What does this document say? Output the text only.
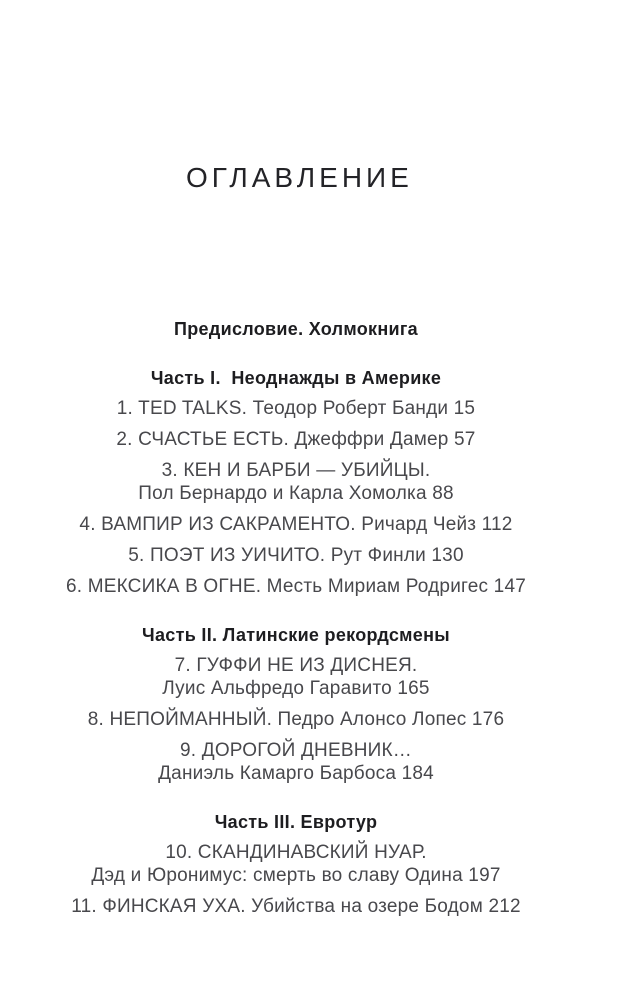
ОГЛАВЛЕНИЕ
Предисловие. Холмокнига
Часть I.  Неоднажды в Америке
1. TED TALKS. Теодор Роберт Банди 15
2. СЧАСТЬЕ ЕСТЬ. Джеффри Дамер 57
3. КЕН И БАРБИ — УБИЙЦЫ.
Пол Бернардо и Карла Хомолка 88
4. ВАМПИР ИЗ САКРАМЕНТО. Ричард Чейз 112
5. ПОЭТ ИЗ УИЧИТО. Рут Финли 130
6. МЕКСИКА В ОГНЕ. Месть Мириам Родригес 147
Часть II. Латинские рекордсмены
7. ГУФФИ НЕ ИЗ ДИСНЕЯ.
Луис Альфредо Гаравито 165
8. НЕПОЙМАННЫЙ. Педро Алонсо Лопес 176
9. ДОРОГОЙ ДНЕВНИК…
Даниэль Камарго Барбоса 184
Часть III. Евротур
10. СКАНДИНАВСКИЙ НУАР.
Дэд и Юронимус: смерть во славу Одина 197
11. ФИНСКАЯ УХА. Убийства на озере Бодом 212
